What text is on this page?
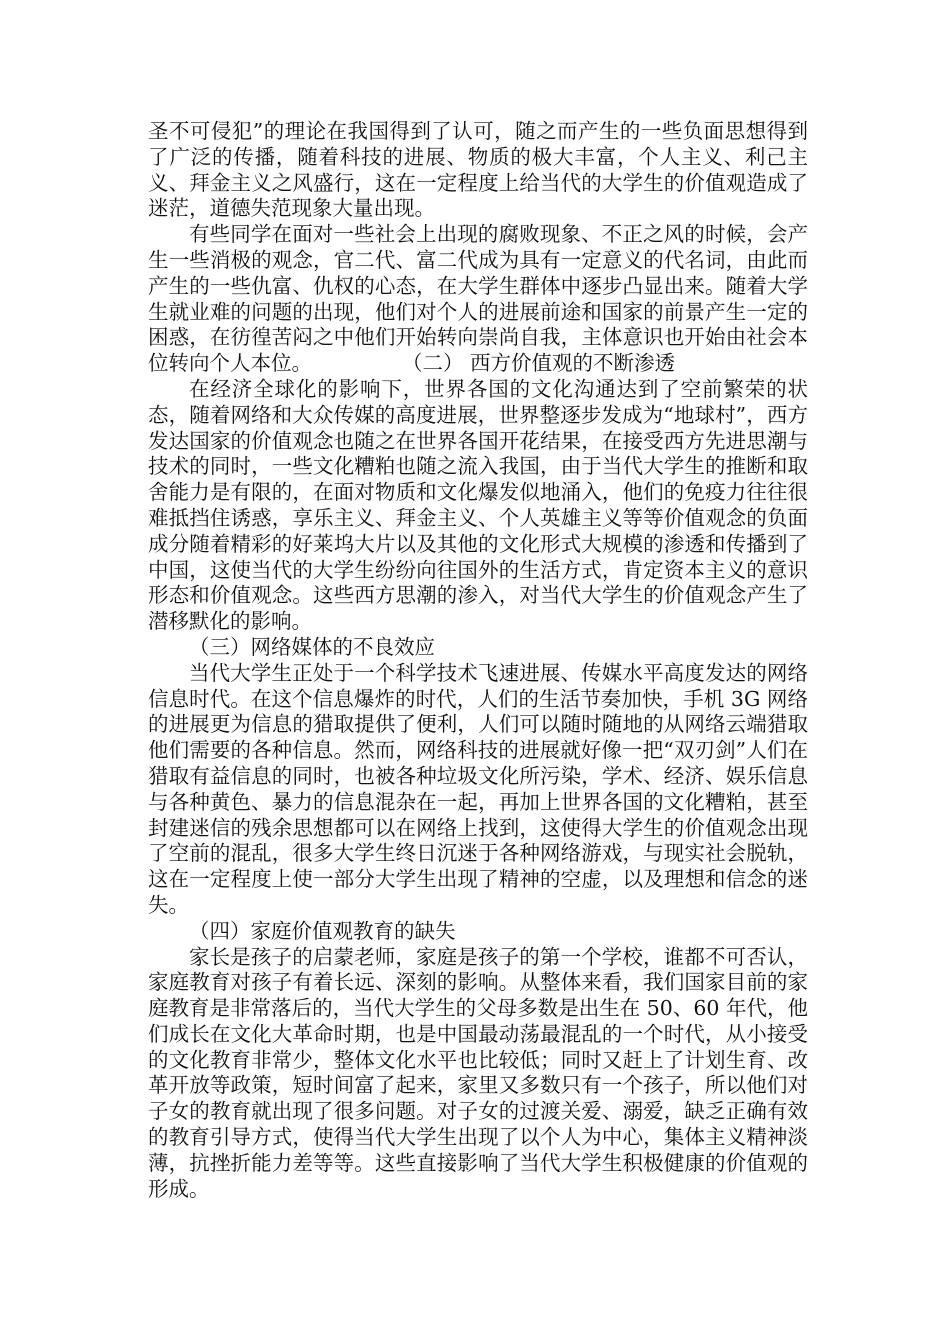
圣不可侵犯”的理论在我国得到了认可，随之而产生的一些负面思想得到了广泛的传播，随着科技的进展、物质的极大丰富，个人主义、利己主义、拜金主义之风盛行，这在一定程度上给当代的大学生的价值观造成了迷茫，道德失范现象大量出现。

有些同学在面对一些社会上出现的腐败现象、不正之风的时候，会产生一些消极的观念，官二代、富二代成为具有一定意义的代名词，由此而产生的一些仇富、仇权的心态，在大学生群体中逐步凸显出来。随着大学生就业难的问题的出现，他们对个人的进展前途和国家的前景产生一定的困惑，在彷徨苦闷之中他们开始转向崇尚自我，主体意识也开始由社会本位转向个人本位。	（二） 西方价值观的不断渗透

在经济全球化的影响下，世界各国的文化沟通达到了空前繁荣的状态，随着网络和大众传媒的高度进展，世界整逐步发成为“地球村”，西方发达国家的价值观念也随之在世界各国开花结果，在接受西方先进思潮与技术的同时，一些文化糟粕也随之流入我国，由于当代大学生的推断和取舍能力是有限的，在面对物质和文化爆发似地涌入，他们的免疫力往往很难抵挡住诱惑，享乐主义、拜金主义、个人英雄主义等等价值观念的负面成分随着精彩的好莱坞大片以及其他的文化形式大规模的渗透和传播到了中国，这使当代的大学生纷纷向往国外的生活方式，肯定资本主义的意识形态和价值观念。这些西方思潮的渗入，对当代大学生的价值观念产生了潜移默化的影响。

（三）网络媒体的不良效应

当代大学生正处于一个科学技术飞速进展、传媒水平高度发达的网络信息时代。在这个信息爆炸的时代，人们的生活节奏加快，手机 3G 网络的进展更为信息的猎取提供了便利，人们可以随时随地的从网络云端猎取他们需要的各种信息。然而，网络科技的进展就好像一把“双刃剑”人们在猎取有益信息的同时，也被各种垃圾文化所污染，学术、经济、娱乐信息与各种黄色、暴力的信息混杂在一起，再加上世界各国的文化糟粕，甚至封建迷信的残余思想都可以在网络上找到，这使得大学生的价值观念出现了空前的混乱，很多大学生终日沉迷于各种网络游戏，与现实社会脱轨，这在一定程度上使一部分大学生出现了精神的空虚，以及理想和信念的迷失。

（四）家庭价值观教育的缺失

家长是孩子的启蒙老师，家庭是孩子的第一个学校，谁都不可否认，家庭教育对孩子有着长远、深刻的影响。从整体来看，我们国家目前的家庭教育是非常落后的，当代大学生的父母多数是出生在 50、60 年代，他们成长在文化大革命时期，也是中国最动荡最混乱的一个时代，从小接受的文化教育非常少，整体文化水平也比较低；同时又赶上了计划生育、改革开放等政策，短时间富了起来，家里又多数只有一个孩子，所以他们对子女的教育就出现了很多问题。对子女的过渡关爱、溺爱，缺乏正确有效的教育引导方式，使得当代大学生出现了以个人为中心，集体主义精神淡薄，抗挫折能力差等等。这些直接影响了当代大学生积极健康的价值观的形成。
